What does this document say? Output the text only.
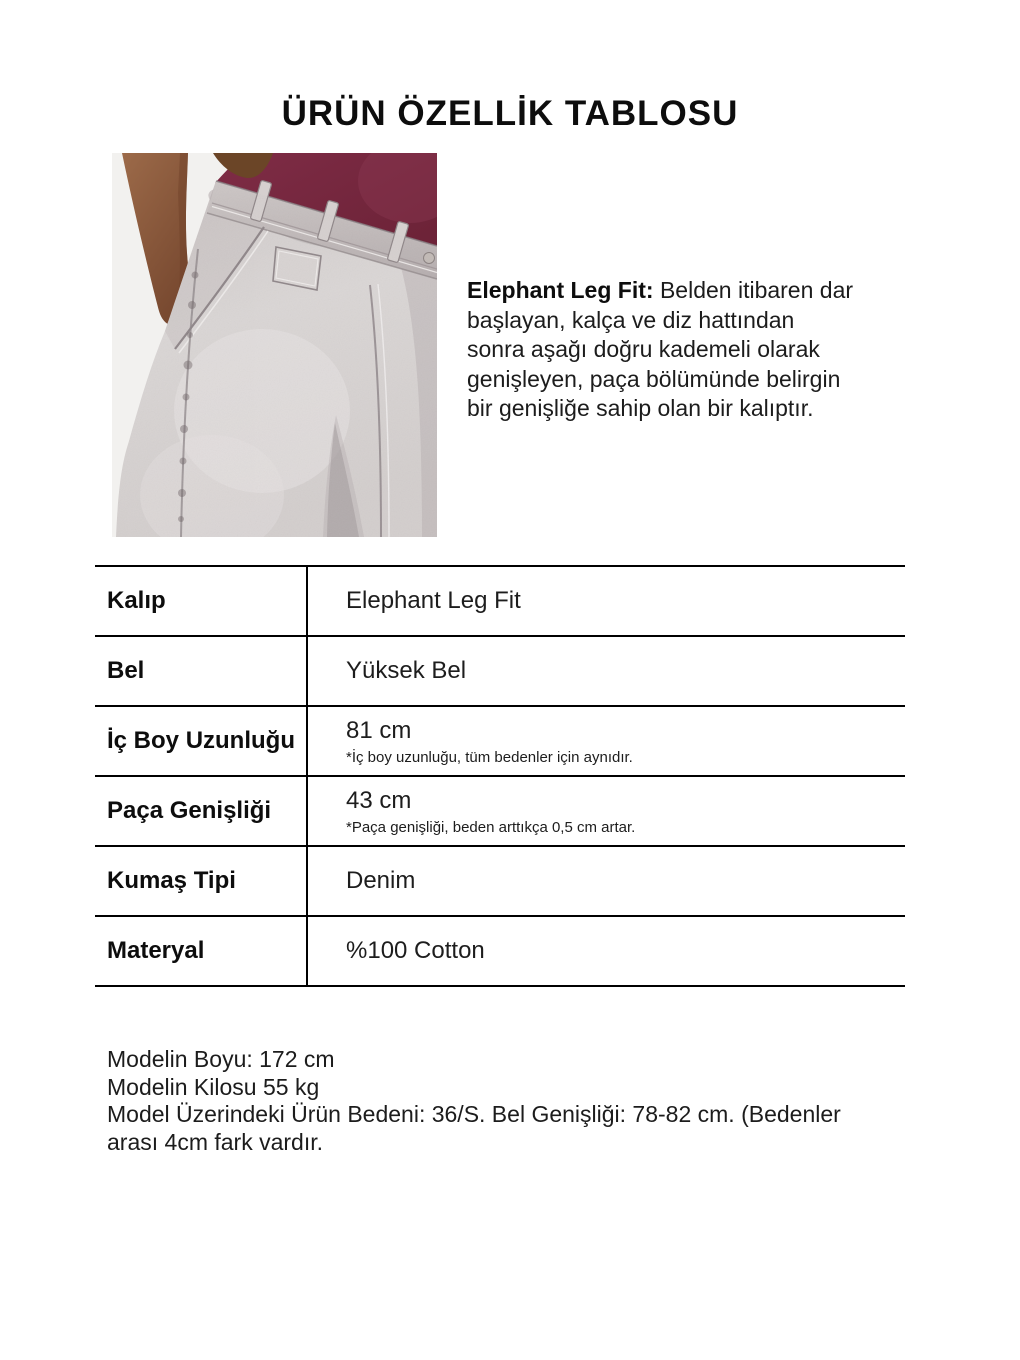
ÜRÜN ÖZELLİK TABLOSU
Elephant Leg Fit: Belden itibaren dar
başlayan, kalça ve diz hattından
sonra aşağı doğru kademeli olarak
genişleyen, paça bölümünde belirgin
bir genişliğe sahip olan bir kalıptır.
Kalıp	Elephant Leg Fit
Bel	Yüksek Bel
İç Boy Uzunluğu	81 cm
*İç boy uzunluğu, tüm bedenler için aynıdır.
Paça Genişliği	43 cm
*Paça genişliği, beden arttıkça 0,5 cm artar.
Kumaş Tipi	Denim
Materyal	%100 Cotton
Modelin Boyu: 172 cm
Modelin Kilosu 55 kg
Model Üzerindeki Ürün Bedeni: 36/S. Bel Genişliği: 78-82 cm. (Bedenler
arası 4cm fark vardır.
